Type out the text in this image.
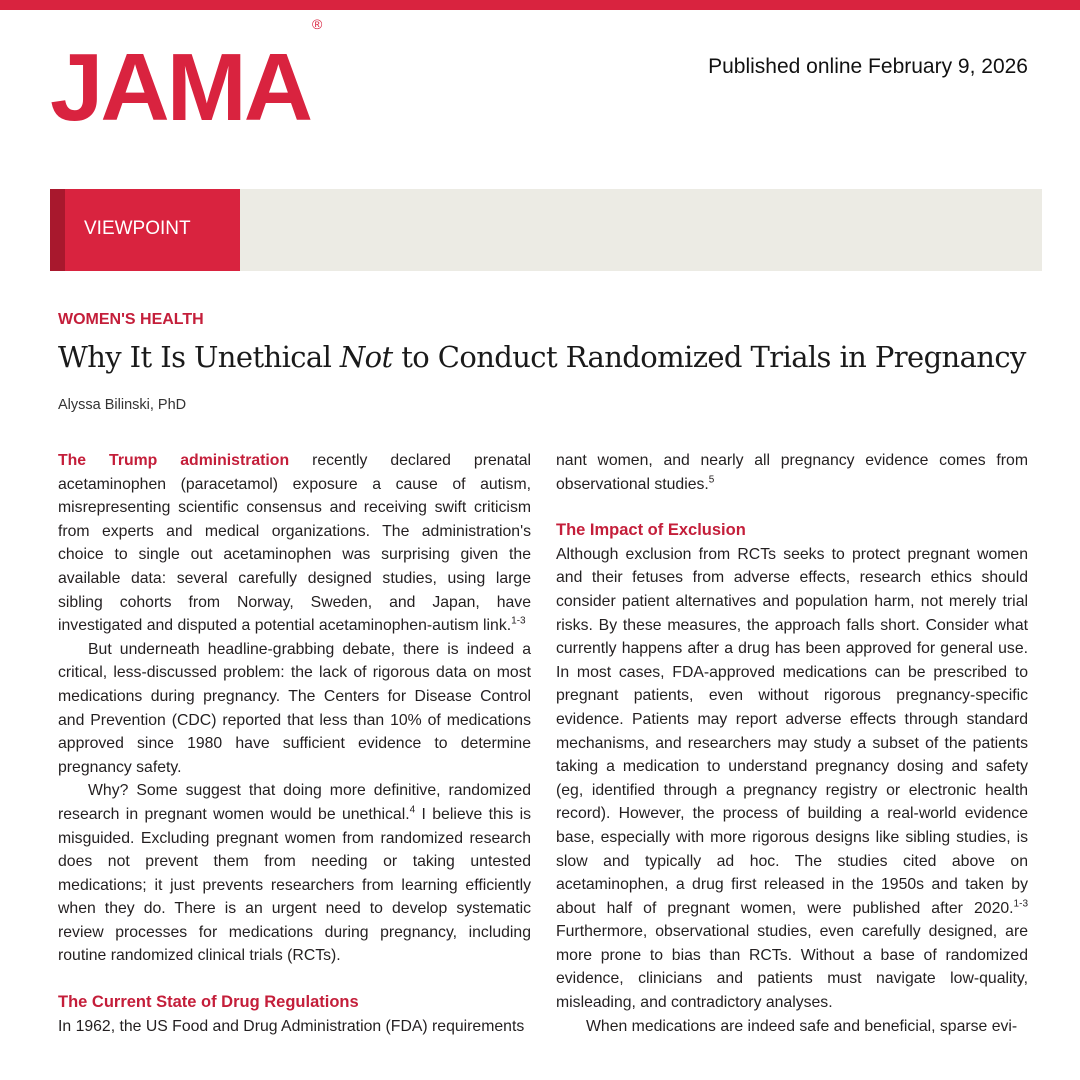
JAMA®
Published online February 9, 2026
VIEWPOINT
WOMEN'S HEALTH
Why It Is Unethical Not to Conduct Randomized Trials in Pregnancy
Alyssa Bilinski, PhD

The Trump administration recently declared prenatal acetaminophen (paracetamol) exposure a cause of autism, misrepresenting scientific consensus and receiving swift criticism from experts and medical organizations. The administration's choice to single out acetaminophen was surprising given the available data: several carefully designed studies, using large sibling cohorts from Norway, Sweden, and Japan, have investigated and disputed a potential acetaminophen-autism link.$^{1-3}$

But underneath headline-grabbing debate, there is indeed a critical, less-discussed problem: the lack of rigorous data on most medications during pregnancy. The Centers for Disease Control and Prevention (CDC) reported that less than 10% of medications approved since 1980 have sufficient evidence to determine pregnancy safety.

Why? Some suggest that doing more definitive, randomized research in pregnant women would be unethical.$^4$ I believe this is misguided. Excluding pregnant women from randomized research does not prevent them from needing or taking untested medications; it just prevents researchers from learning efficiently when they do. There is an urgent need to develop systematic review processes for medications during pregnancy, including routine randomized clinical trials (RCTs).

The Current State of Drug Regulations

In 1962, the US Food and Drug Administration (FDA) requirements

nant women, and nearly all pregnancy evidence comes from observational studies.$^5$

The Impact of Exclusion

Although exclusion from RCTs seeks to protect pregnant women and their fetuses from adverse effects, research ethics should consider patient alternatives and population harm, not merely trial risks. By these measures, the approach falls short. Consider what currently happens after a drug has been approved for general use. In most cases, FDA-approved medications can be prescribed to pregnant patients, even without rigorous pregnancy-specific evidence. Patients may report adverse effects through standard mechanisms, and researchers may study a subset of the patients taking a medication to understand pregnancy dosing and safety (eg, identified through a pregnancy registry or electronic health record). However, the process of building a real-world evidence base, especially with more rigorous designs like sibling studies, is slow and typically ad hoc. The studies cited above on acetaminophen, a drug first released in the 1950s and taken by about half of pregnant women, were published after 2020.$^{1-3}$ Furthermore, observational studies, even carefully designed, are more prone to bias than RCTs. Without a base of randomized evidence, clinicians and patients must navigate low-quality, misleading, and contradictory analyses.

When medications are indeed safe and beneficial, sparse evi-
